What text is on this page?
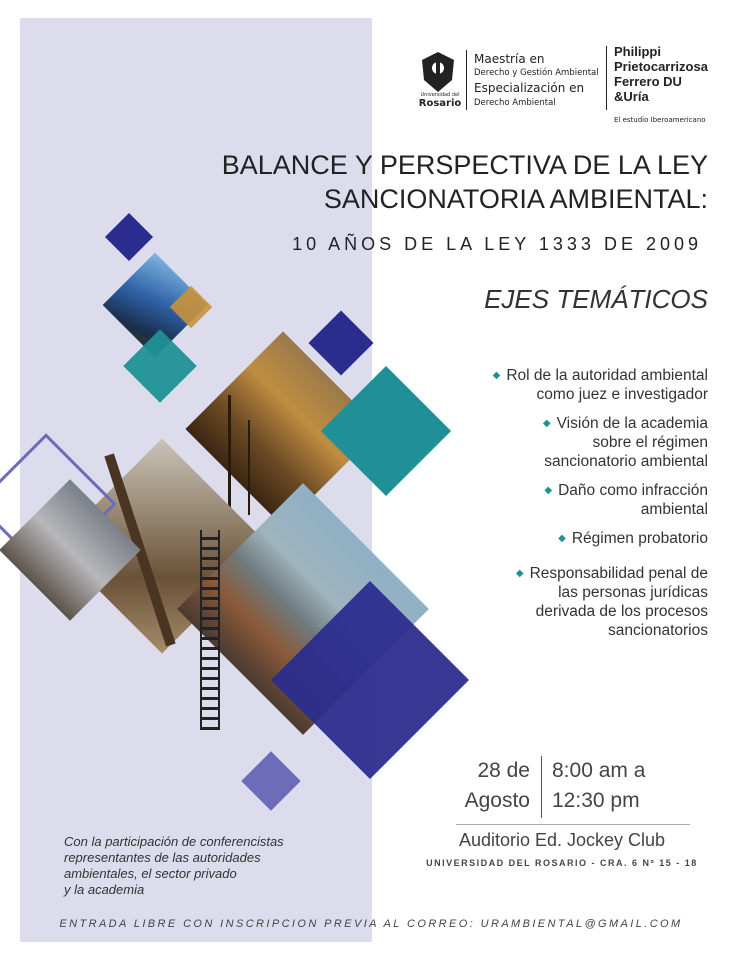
Universidad del
Rosario
Maestría en
Derecho y Gestión Ambiental
Especialización en
Derecho Ambiental
Philippi
Prietocarrizosa
Ferrero DU
&Uría
El estudio Iberoamericano
BALANCE Y PERSPECTIVA DE LA LEY
SANCIONATORIA AMBIENTAL:
10 AÑOS DE LA LEY 1333 DE 2009
EJES TEMÁTICOS
◆ Rol de la autoridad ambiental
como juez e investigador
◆ Visión de la academia
sobre el régimen
sancionatorio ambiental
◆ Daño como infracción
ambiental
◆ Régimen probatorio
◆ Responsabilidad penal de
las personas jurídicas
derivada de los procesos
sancionatorios
28 de
Agosto
8:00 am a
12:30 pm
Auditorio Ed. Jockey Club
UNIVERSIDAD DEL ROSARIO - CRA. 6 Nº 15 - 18
Con la participación de conferencistas
representantes de las autoridades
ambientales, el sector privado
y la academia
ENTRADA LIBRE CON INSCRIPCION PREVIA AL CORREO: URAMBIENTAL@GMAIL.COM
